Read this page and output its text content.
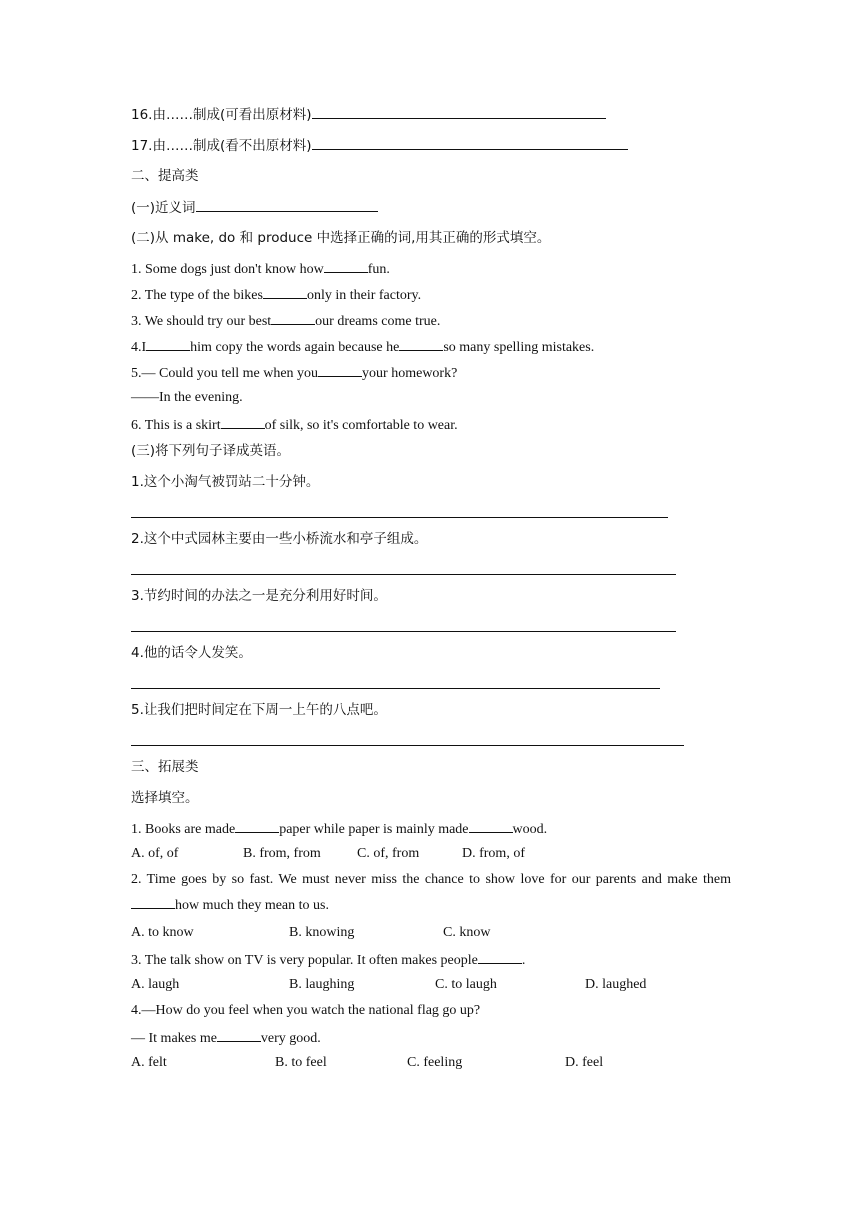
16.由……制成(可看出原材料)
17.由……制成(看不出原材料)
二、提高类
(一)近义词
(二)从 make, do 和 produce 中选择正确的词,用其正确的形式填空。
1. Some dogs just don't know how	fun.
2. The type of the bikes	only in their factory.
3. We should try our best	our dreams come true.
4.I	him copy the words again because he	so many spelling mistakes.
5.— Could you tell me when you	your homework?
——In the evening.
6. This is a skirt	of silk, so it's comfortable to wear.
(三)将下列句子译成英语。
1.这个小淘气被罚站二十分钟。
2.这个中式园林主要由一些小桥流水和亭子组成。
3.节约时间的办法之一是充分利用好时间。
4.他的话令人发笑。
5.让我们把时间定在下周一上午的八点吧。
三、拓展类
选择填空。
1. Books are made	paper while paper is mainly made	wood.
A. of, of	B. from, from	C. of, from	D. from, of
2. Time goes by so fast. We must never miss the chance to show love for our parents and make them how much they mean to us.
A. to know	B. knowing	C. know
3. The talk show on TV is very popular. It often makes people	.
A. laugh	B. laughing	C. to laugh	D. laughed
4.—How do you feel when you watch the national flag go up?
— It makes me	very good.
A. felt	B. to feel	C. feeling	D. feel
